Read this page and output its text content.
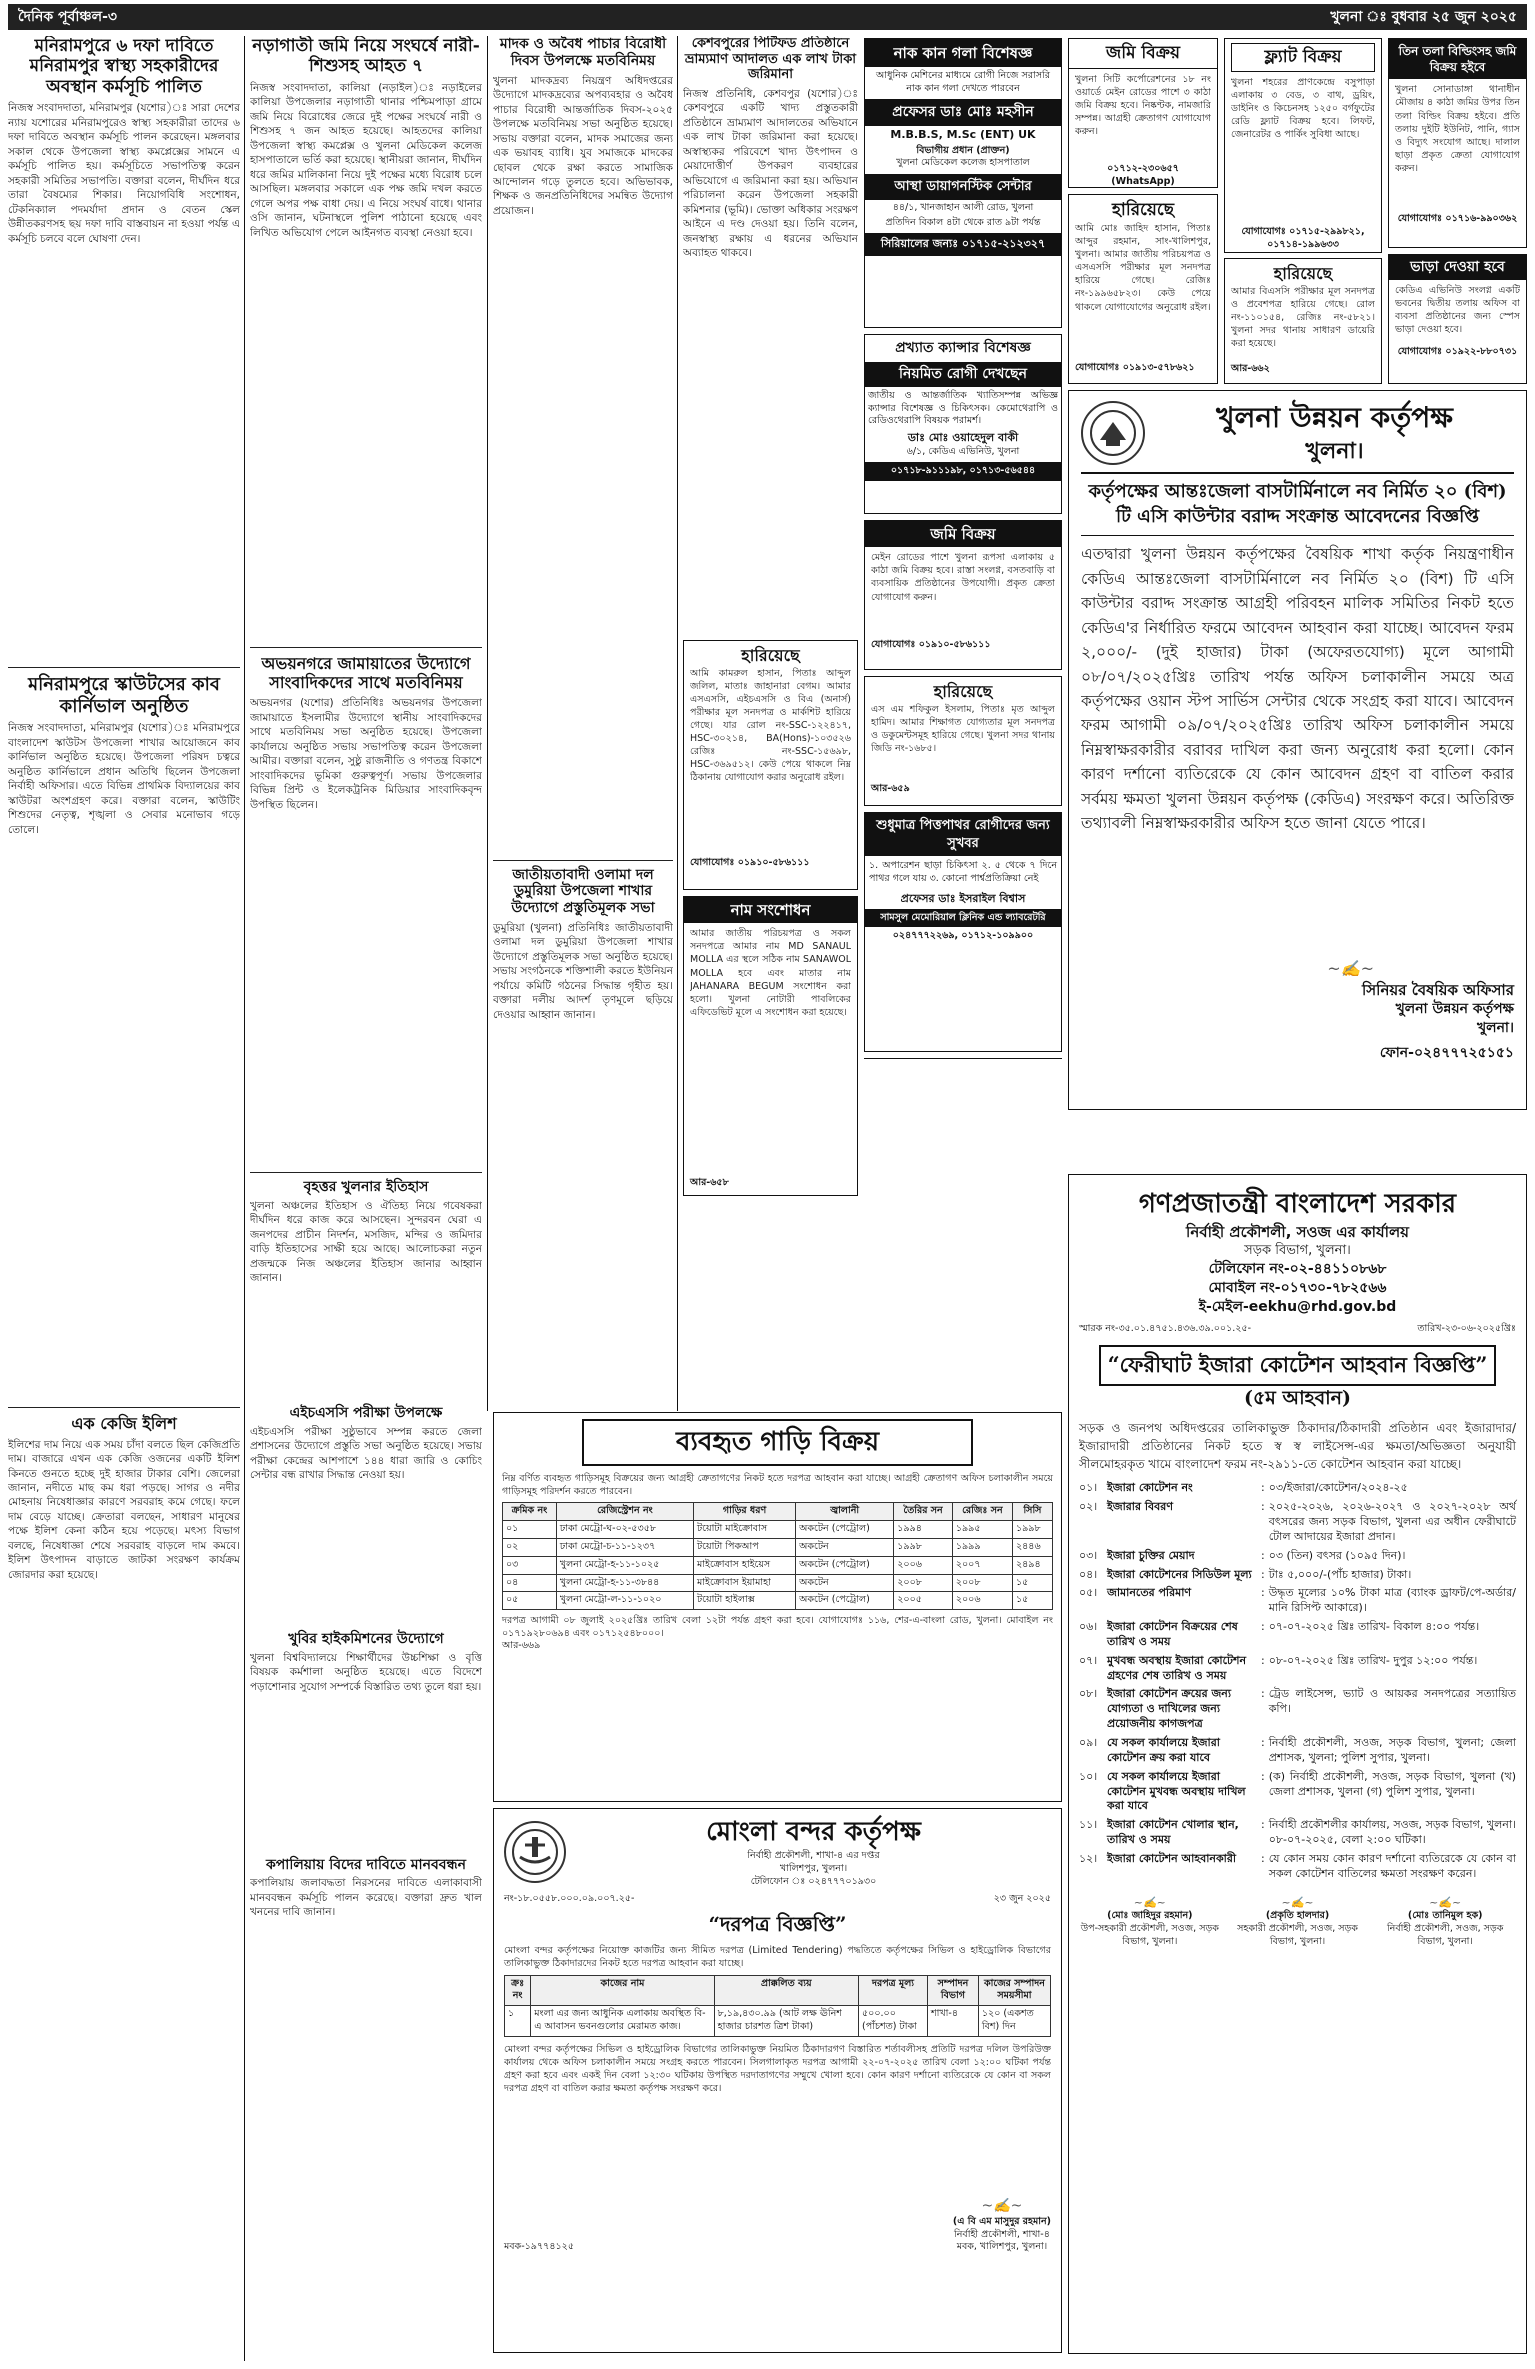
দৈনিক পূর্বাঞ্চল-৩	খুলনা ঃ বুধবার ২৫ জুন ২০২৫
মনিরামপুরে ৬ দফা দাবিতে মনিরামপুর স্বাস্থ্য সহকারীদের অবস্থান কর্মসূচি পালিত
নিজস্ব সংবাদদাতা, মনিরামপুর (যশোর)ঃ সারা দেশের ন্যায় যশোরের মনিরামপুরেও স্বাস্থ্য সহকারীরা তাদের ৬ দফা দাবিতে অবস্থান কর্মসূচি পালন করেছেন। মঙ্গলবার সকাল থেকে উপজেলা স্বাস্থ্য কমপ্লেক্সের সামনে এ কর্মসূচি পালিত হয়। কর্মসূচিতে সভাপতিত্ব করেন সহকারী সমিতির সভাপতি। বক্তারা বলেন, দীর্ঘদিন ধরে তারা বৈষম্যের শিকার। নিয়োগবিধি সংশোধন, টেকনিক্যাল পদমর্যাদা প্রদান ও বেতন স্কেল উন্নীতকরণসহ ছয় দফা দাবি বাস্তবায়ন না হওয়া পর্যন্ত এ কর্মসূচি চলবে বলে ঘোষণা দেন।
মনিরামপুরে স্কাউটসের কাব কার্নিভাল অনুষ্ঠিত
নিজস্ব সংবাদদাতা, মনিরামপুর (যশোর)ঃ মনিরামপুরে বাংলাদেশ স্কাউটস উপজেলা শাখার আয়োজনে কাব কার্নিভাল অনুষ্ঠিত হয়েছে। উপজেলা পরিষদ চত্বরে অনুষ্ঠিত কার্নিভালে প্রধান অতিথি ছিলেন উপজেলা নির্বাহী অফিসার। এতে বিভিন্ন প্রাথমিক বিদ্যালয়ের কাব স্কাউটরা অংশগ্রহণ করে। বক্তারা বলেন, স্কাউটিং শিশুদের নেতৃত্ব, শৃঙ্খলা ও সেবার মনোভাব গড়ে তোলে।
এক কেজি ইলিশ
ইলিশের দাম নিয়ে এক সময় চাঁদা বলতে ছিল কেজিপ্রতি দাম। বাজারে এখন এক কেজি ওজনের একটি ইলিশ কিনতে গুনতে হচ্ছে দুই হাজার টাকার বেশি। জেলেরা জানান, নদীতে মাছ কম ধরা পড়ছে। সাগর ও নদীর মোহনায় নিষেধাজ্ঞার কারণে সরবরাহ কমে গেছে। ফলে দাম বেড়ে যাচ্ছে। ক্রেতারা বলছেন, সাধারণ মানুষের পক্ষে ইলিশ কেনা কঠিন হয়ে পড়েছে। মৎস্য বিভাগ বলছে, নিষেধাজ্ঞা শেষে সরবরাহ বাড়লে দাম কমবে। ইলিশ উৎপাদন বাড়াতে জাটকা সংরক্ষণ কার্যক্রম জোরদার করা হয়েছে।
নড়াগাতী জমি নিয়ে সংঘর্ষে নারী-শিশুসহ আহত ৭
নিজস্ব সংবাদদাতা, কালিয়া (নড়াইল)ঃ নড়াইলের কালিয়া উপজেলার নড়াগাতী থানার পশ্চিমপাড়া গ্রামে জমি নিয়ে বিরোধের জেরে দুই পক্ষের সংঘর্ষে নারী ও শিশুসহ ৭ জন আহত হয়েছে। আহতদের কালিয়া উপজেলা স্বাস্থ্য কমপ্লেক্স ও খুলনা মেডিকেল কলেজ হাসপাতালে ভর্তি করা হয়েছে। স্থানীয়রা জানান, দীর্ঘদিন ধরে জমির মালিকানা নিয়ে দুই পক্ষের মধ্যে বিরোধ চলে আসছিল। মঙ্গলবার সকালে এক পক্ষ জমি দখল করতে গেলে অপর পক্ষ বাধা দেয়। এ নিয়ে সংঘর্ষ বাধে। থানার ওসি জানান, ঘটনাস্থলে পুলিশ পাঠানো হয়েছে এবং লিখিত অভিযোগ পেলে আইনগত ব্যবস্থা নেওয়া হবে।
অভয়নগরে জামায়াতের উদ্যোগে সাংবাদিকদের সাথে মতবিনিময়
অভয়নগর (যশোর) প্রতিনিধিঃ অভয়নগর উপজেলা জামায়াতে ইসলামীর উদ্যোগে স্থানীয় সাংবাদিকদের সাথে মতবিনিময় সভা অনুষ্ঠিত হয়েছে। উপজেলা কার্যালয়ে অনুষ্ঠিত সভায় সভাপতিত্ব করেন উপজেলা আমীর। বক্তারা বলেন, সুষ্ঠু রাজনীতি ও গণতন্ত্র বিকাশে সাংবাদিকদের ভূমিকা গুরুত্বপূর্ণ। সভায় উপজেলার বিভিন্ন প্রিন্ট ও ইলেকট্রনিক মিডিয়ার সাংবাদিকবৃন্দ উপস্থিত ছিলেন।
বৃহত্তর খুলনার ইতিহাস
খুলনা অঞ্চলের ইতিহাস ও ঐতিহ্য নিয়ে গবেষকরা দীর্ঘদিন ধরে কাজ করে আসছেন। সুন্দরবন ঘেরা এ জনপদের প্রাচীন নিদর্শন, মসজিদ, মন্দির ও জমিদার বাড়ি ইতিহাসের সাক্ষী হয়ে আছে। আলোচকরা নতুন প্রজন্মকে নিজ অঞ্চলের ইতিহাস জানার আহ্বান জানান।
এইচএসসি পরীক্ষা উপলক্ষে
এইচএসসি পরীক্ষা সুষ্ঠুভাবে সম্পন্ন করতে জেলা প্রশাসনের উদ্যোগে প্রস্তুতি সভা অনুষ্ঠিত হয়েছে। সভায় পরীক্ষা কেন্দ্রের আশপাশে ১৪৪ ধারা জারি ও কোচিং সেন্টার বন্ধ রাখার সিদ্ধান্ত নেওয়া হয়।
খুবির হাইকমিশনের উদ্যোগে
খুলনা বিশ্ববিদ্যালয়ে শিক্ষার্থীদের উচ্চশিক্ষা ও বৃত্তি বিষয়ক কর্মশালা অনুষ্ঠিত হয়েছে। এতে বিদেশে পড়াশোনার সুযোগ সম্পর্কে বিস্তারিত তথ্য তুলে ধরা হয়।
কপালিয়ায় বিদের দাবিতে মানববন্ধন
কপালিয়ায় জলাবদ্ধতা নিরসনের দাবিতে এলাকাবাসী মানববন্ধন কর্মসূচি পালন করেছে। বক্তারা দ্রুত খাল খননের দাবি জানান।
মাদক ও অবৈধ পাচার বিরোধী দিবস উপলক্ষে মতবিনিময়
খুলনা মাদকদ্রব্য নিয়ন্ত্রণ অধিদপ্তরের উদ্যোগে মাদকদ্রব্যের অপব্যবহার ও অবৈধ পাচার বিরোধী আন্তর্জাতিক দিবস-২০২৫ উপলক্ষে মতবিনিময় সভা অনুষ্ঠিত হয়েছে। সভায় বক্তারা বলেন, মাদক সমাজের জন্য এক ভয়াবহ ব্যাধি। যুব সমাজকে মাদকের ছোবল থেকে রক্ষা করতে সামাজিক আন্দোলন গড়ে তুলতে হবে। অভিভাবক, শিক্ষক ও জনপ্রতিনিধিদের সমন্বিত উদ্যোগ প্রয়োজন।
জাতীয়তাবাদী ওলামা দল ডুমুরিয়া উপজেলা শাখার উদ্যোগে প্রস্তুতিমূলক সভা
ডুমুরিয়া (খুলনা) প্রতিনিধিঃ জাতীয়তাবাদী ওলামা দল ডুমুরিয়া উপজেলা শাখার উদ্যোগে প্রস্তুতিমূলক সভা অনুষ্ঠিত হয়েছে। সভায় সংগঠনকে শক্তিশালী করতে ইউনিয়ন পর্যায়ে কমিটি গঠনের সিদ্ধান্ত গৃহীত হয়। বক্তারা দলীয় আদর্শ তৃণমূলে ছড়িয়ে দেওয়ার আহ্বান জানান।
কেশবপুরের পিটিফড প্রতিষ্ঠানে ভ্রাম্যমাণ আদালত এক লাখ টাকা জরিমানা
নিজস্ব প্রতিনিধি, কেশবপুর (যশোর)ঃ কেশবপুরে একটি খাদ্য প্রস্তুতকারী প্রতিষ্ঠানে ভ্রাম্যমাণ আদালতের অভিযানে এক লাখ টাকা জরিমানা করা হয়েছে। অস্বাস্থ্যকর পরিবেশে খাদ্য উৎপাদন ও মেয়াদোত্তীর্ণ উপকরণ ব্যবহারের অভিযোগে এ জরিমানা করা হয়। অভিযান পরিচালনা করেন উপজেলা সহকারী কমিশনার (ভূমি)। ভোক্তা অধিকার সংরক্ষণ আইনে এ দণ্ড দেওয়া হয়। তিনি বলেন, জনস্বাস্থ্য রক্ষায় এ ধরনের অভিযান অব্যাহত থাকবে।
নাক কান গলা বিশেষজ্ঞ
আধুনিক মেশিনের মাধ্যমে রোগী নিজে সরাসরি নাক কান গলা দেখতে পারবেন
প্রফেসর ডাঃ মোঃ মহসীন
M.B.B.S, M.Sc (ENT) UK
বিভাগীয় প্রধান (প্রাক্তন)
খুলনা মেডিকেল কলেজ হাসপাতাল
আস্থা ডায়াগনস্টিক সেন্টার
৪৪/১, খানজাহান আলী রোড, খুলনা
প্রতিদিন বিকাল ৪টা থেকে রাত ৯টা পর্যন্ত
সিরিয়ালের জন্যঃ ০১৭১৫-২১২৩২৭
প্রখ্যাত ক্যান্সার বিশেষজ্ঞ
নিয়মিত রোগী দেখছেন
জাতীয় ও আন্তর্জাতিক খ্যাতিসম্পন্ন অভিজ্ঞ ক্যান্সার বিশেষজ্ঞ ও চিকিৎসক। কেমোথেরাপি ও রেডিওথেরাপি বিষয়ক পরামর্শ।
ডাঃ মোঃ ওয়াহেদুল বাকী
৬/১, কেডিএ এভিনিউ, খুলনা
০১৭১৮-৯১১১৯৮, ০১৭১৩-৫৬৫৪৪
হারিয়েছে
আমি কামরুল হাসান, পিতাঃ আব্দুল জলিল, মাতাঃ জাহানারা বেগম। আমার এসএসসি, এইচএসসি ও বিএ (অনার্স) পরীক্ষার মূল সনদপত্র ও মার্কশিট হারিয়ে গেছে। যার রোল নং-SSC-১২২৪১৭, HSC-৩০২১৪, BA(Hons)-১০৩৫২৬ রেজিঃ নং-SSC-১৫৬৯৮, HSC-৩৬৯৫১২। কেউ পেয়ে থাকলে নিম্ন ঠিকানায় যোগাযোগ করার অনুরোধ রইল।
যোগাযোগঃ ০১৯১০-৫৮৬১১১
জমি বিক্রয়
মেইন রোডের পাশে খুলনা রূপসা এলাকায় ৫ কাঠা জমি বিক্রয় হবে। রাস্তা সংলগ্ন, বসতবাড়ি বা ব্যবসায়িক প্রতিষ্ঠানের উপযোগী। প্রকৃত ক্রেতা যোগাযোগ করুন।
যোগাযোগঃ ০১৯১০-৫৮৬১১১
হারিয়েছে
এস এম শফিকুল ইসলাম, পিতাঃ মৃত আব্দুল হামিদ। আমার শিক্ষাগত যোগ্যতার মূল সনদপত্র ও ডকুমেন্টসমূহ হারিয়ে গেছে। খুলনা সদর থানায় জিডি নং-১৬৮৫।
আর-৬৫৯
নাম সংশোধন
আমার জাতীয় পরিচয়পত্র ও সকল সনদপত্রে আমার নাম MD SANAUL MOLLA এর স্থলে সঠিক নাম SANAWOL MOLLA হবে এবং মাতার নাম JAHANARA BEGUM সংশোধন করা হলো। খুলনা নোটারী পাবলিকের এফিডেভিট মূলে এ সংশোধন করা হয়েছে।
আর-৬৫৮
শুধুমাত্র পিত্তপাথর রোগীদের জন্য সুখবর
১. অপারেশন ছাড়া চিকিৎসা ২. ৫ থেকে ৭ দিনে পাথর গলে যায় ৩. কোনো পার্শ্বপ্রতিক্রিয়া নেই
প্রফেসর ডাঃ ইসরাইল বিশ্বাস
সামসুল মেমোরিয়াল ক্লিনিক এন্ড ল্যাবরেটরি
০২৪৭৭৭২২৬৯, ০১৭১২-১০৯৯০০
জমি বিক্রয়
খুলনা সিটি কর্পোরেশনের ১৮ নং ওয়ার্ডে মেইন রোডের পাশে ৩ কাঠা জমি বিক্রয় হবে। নিষ্কণ্টক, নামজারি সম্পন্ন। আগ্রহী ক্রেতাগণ যোগাযোগ করুন।
০১৭১২-২৩০৬৫৭ (WhatsApp)
হারিয়েছে
আমি মোঃ জাহিদ হাসান, পিতাঃ আব্দুর রহমান, সাং-খালিশপুর, খুলনা। আমার জাতীয় পরিচয়পত্র ও এসএসসি পরীক্ষার মূল সনদপত্র হারিয়ে গেছে। রেজিঃ নং-১৯৯৬৫৮২৩। কেউ পেয়ে থাকলে যোগাযোগের অনুরোধ রইল।
যোগাযোগঃ ০১৯১৩-৫৭৮৬২১
ফ্ল্যাট বিক্রয়
খুলনা শহরের প্রাণকেন্দ্রে বসুপাড়া এলাকায় ৩ বেড, ৩ বাথ, ড্রয়িং, ডাইনিং ও কিচেনসহ ১২৫০ বর্গফুটের রেডি ফ্ল্যাট বিক্রয় হবে। লিফট, জেনারেটর ও পার্কিং সুবিধা আছে।
যোগাযোগঃ ০১৭১৫-২৯৯৮২১, ০১৭১৪-১৯৯৬৩৩
হারিয়েছে
আমার বিএসসি পরীক্ষার মূল সনদপত্র ও প্রবেশপত্র হারিয়ে গেছে। রোল নং-১১০১৫৪, রেজিঃ নং-৫৮২১। খুলনা সদর থানায় সাধারণ ডায়েরি করা হয়েছে।
আর-৬৬২
তিন তলা বিল্ডিংসহ জমি বিক্রয় হইবে
খুলনা সোনাডাঙ্গা থানাধীন মৌজায় ৪ কাঠা জমির উপর তিন তলা বিল্ডিং বিক্রয় হইবে। প্রতি তলায় দুইটি ইউনিট, পানি, গ্যাস ও বিদ্যুৎ সংযোগ আছে। দালাল ছাড়া প্রকৃত ক্রেতা যোগাযোগ করুন।
যোগাযোগঃ ০১৭১৬-৯৯০৩৬২
ভাড়া দেওয়া হবে
কেডিএ এভিনিউ সংলগ্ন একটি ভবনের দ্বিতীয় তলায় অফিস বা ব্যবসা প্রতিষ্ঠানের জন্য স্পেস ভাড়া দেওয়া হবে।
যোগাযোগঃ ০১৯২২-৮৮০৭৩১
খুলনা উন্নয়ন কর্তৃপক্ষ
খুলনা।
কর্তৃপক্ষের আন্তঃজেলা বাসটার্মিনালে নব নির্মিত ২০ (বিশ) টি এসি কাউন্টার বরাদ্দ সংক্রান্ত আবেদনের বিজ্ঞপ্তি
এতদ্বারা খুলনা উন্নয়ন কর্তৃপক্ষের বৈষয়িক শাখা কর্তৃক নিয়ন্ত্রণাধীন কেডিএ আন্তঃজেলা বাসটার্মিনালে নব নির্মিত ২০ (বিশ) টি এসি কাউন্টার বরাদ্দ সংক্রান্ত আগ্রহী পরিবহন মালিক সমিতির নিকট হতে কেডিএ'র নির্ধারিত ফরমে আবেদন আহবান করা যাচ্ছে। আবেদন ফরম ২,০০০/- (দুই হাজার) টাকা (অফেরতযোগ্য) মূলে আগামী ০৮/০৭/২০২৫খ্রিঃ তারিখ পর্যন্ত অফিস চলাকালীন সময়ে অত্র কর্তৃপক্ষের ওয়ান স্টপ সার্ভিস সেন্টার থেকে সংগ্রহ করা যাবে। আবেদন ফরম আগামী ০৯/০৭/২০২৫খ্রিঃ তারিখ অফিস চলাকালীন সময়ে নিম্নস্বাক্ষরকারীর বরাবর দাখিল করা জন্য অনুরোধ করা হলো। কোন কারণ দর্শানো ব্যতিরেকে যে কোন আবেদন গ্রহণ বা বাতিল করার সর্বময় ক্ষমতা খুলনা উন্নয়ন কর্তৃপক্ষ (কেডিএ) সংরক্ষণ করে। অতিরিক্ত তথ্যাবলী নিম্নস্বাক্ষরকারীর অফিস হতে জানা যেতে পারে।
~✍~
সিনিয়র বৈষয়িক অফিসার
খুলনা উন্নয়ন কর্তৃপক্ষ
খুলনা।
ফোন-০২৪৭৭৭২৫১৫১
ব্যবহৃত গাড়ি বিক্রয়
নিম্ন বর্ণিত ব্যবহৃত গাড়িসমূহ বিক্রয়ের জন্য আগ্রহী ক্রেতাগণের নিকট হতে দরপত্র আহবান করা যাচ্ছে। আগ্রহী ক্রেতাগণ অফিস চলাকালীন সময়ে গাড়িসমূহ পরিদর্শন করতে পারবেন।
ক্রমিক নং	রেজিস্ট্রেশন নং	গাড়ির ধরণ	জ্বালানী	তৈরির সন	রেজিঃ সন	সিসি
০১	ঢাকা মেট্রো-ঘ-০২-৫৩৫৮	টয়োটা মাইক্রোবাস	অকটেন (পেট্রোল)	১৯৯৪	১৯৯৫	১৯৯৮
০২	ঢাকা মেট্রো-চ-১১-১২৩৭	টয়োটা পিকআপ	অকটেন	১৯৯৮	১৯৯৯	২৪৪৬
০৩	খুলনা মেট্রো-হ-১১-১০২৫	মাইক্রোবাস হাইয়েস	অকটেন (পেট্রোল)	২০০৬	২০০৭	২৪৯৪
০৪	খুলনা মেট্রো-হ-১১-৩৮৪৪	মাইক্রোবাস ইয়ামাহা	অকটেন	২০০৮	২০০৮	১৫
০৫	খুলনা মেট্রো-ল-১১-১০২০	টয়োটা হাইলাক্স	অকটেন (পেট্রোল)	২০০৫	২০০৬	১৫
দরপত্র আগামী ০৮ জুলাই ২০২৫খ্রিঃ তারিখ বেলা ১২টা পর্যন্ত গ্রহণ করা হবে। যোগাযোগঃ ১১৬, শের-এ-বাংলা রোড, খুলনা। মোবাইল নং ০১৭১৯২৮০৬৯৪ এবং ০১৭১২৫৪৮০০০।
আর-৬৬৯
মোংলা বন্দর কর্তৃপক্ষ
নির্বাহী প্রকৌশলী, শাখা-৪ এর দপ্তর
খালিশপুর, খুলনা।
টেলিফোন ঃ ০২৪৭৭৭০১৯৩০
নং-১৮.০৫৫৮.০০০.০৯.০০৭.২৫-	২৩ জুন ২০২৫
“দরপত্র বিজ্ঞপ্তি”
মোংলা বন্দর কর্তৃপক্ষের নিয়োক্ত কাজটির জন্য সীমিত দরপত্র (Limited Tendering) পদ্ধতিতে কর্তৃপক্ষের সিভিল ও হাইড্রোলিক বিভাগের তালিকাভুক্ত ঠিকাদারদের নিকট হতে দরপত্র আহবান করা যাচ্ছে।
ক্রঃ নং	কাজের নাম	প্রাক্কলিত ব্যয়	দরপত্র মূল্য	সম্পাদন বিভাগ	কাজের সম্পাদন সময়সীমা
১	মংলা এর জন্য আধুনিক এলাকায় অবস্থিত বি-এ আবাসন ভবনগুলোর মেরামত কাজ।	৮,১৯,৪৩০.৯৯ (আট লক্ষ ঊনিশ হাজার চারশত ত্রিশ টাকা)	৫০০.০০ (পাঁচশত) টাকা	শাখা-৪	১২০ (একশত বিশ) দিন
মোংলা বন্দর কর্তৃপক্ষের সিভিল ও হাইড্রোলিক বিভাগের তালিকাভুক্ত নিয়মিত ঠিকাদারগণ বিস্তারিত শর্তাবলীসহ প্রতিটি দরপত্র দলিল উপরিউক্ত কার্যালয় থেকে অফিস চলাকালীন সময়ে সংগ্রহ করতে পারবেন। সিলগালাকৃত দরপত্র আগামী ২২-০৭-২০২৫ তারিখ বেলা ১২:০০ ঘটিকা পর্যন্ত গ্রহণ করা হবে এবং একই দিন বেলা ১২:৩০ ঘটিকায় উপস্থিত দরদাতাগণের সম্মুখে খোলা হবে। কোন কারণ দর্শানো ব্যতিরেকে যে কোন বা সকল দরপত্র গ্রহণ বা বাতিল করার ক্ষমতা কর্তৃপক্ষ সংরক্ষণ করে।
মবক-১৯৭৭৪১২৫
~✍~
(এ বি এম মাসুদুর রহমান)
নির্বাহী প্রকৌশলী, শাখা-৪
মবক, খালিশপুর, খুলনা।
গণপ্রজাতন্ত্রী বাংলাদেশ সরকার
নির্বাহী প্রকৌশলী, সওজ এর কার্যালয়
সড়ক বিভাগ, খুলনা।
টেলিফোন নং-০২-৪৪১১০৮৬৮
মোবাইল নং-০১৭৩০-৭৮২৫৬৬
ই-মেইল-eekhu@rhd.gov.bd
স্মারক নং-৩৫.০১.৪৭৫১.৪৩৬.৩৯.০০১.২৫-	তারিখ-২৩-০৬-২০২৫খ্রিঃ
“ফেরীঘাট ইজারা কোটেশন আহবান বিজ্ঞপ্তি”
(৫ম আহবান)
সড়ক ও জনপথ অধিদপ্তরের তালিকাভুক্ত ঠিকাদার/ঠিকাদারী প্রতিষ্ঠান এবং ইজারাদার/ইজারাদারী প্রতিষ্ঠানের নিকট হতে স্ব স্ব লাইসেন্স-এর ক্ষমতা/অভিজ্ঞতা অনুযায়ী সীলমোহরকৃত খামে বাংলাদেশ ফরম নং-২৯১১-তে কোটেশন আহবান করা যাচ্ছে।
০১। ইজারা কোটেশন নং	: ০৩/ইজারা/কোটেশন/২০২৪-২৫
০২। ইজারার বিবরণ	: ২০২৫-২০২৬, ২০২৬-২০২৭ ও ২০২৭-২০২৮ অর্থ বৎসরের জন্য সড়ক বিভাগ, খুলনা এর অধীন ফেরীঘাটে টোল আদায়ের ইজারা প্রদান।
০৩। ইজারা চুক্তির মেয়াদ	: ০৩ (তিন) বৎসর (১০৯৫ দিন)।
০৪। ইজারা কোটেশনের সিডিউল মূল্য : টাঃ ৫,০০০/-(পাঁচ হাজার) টাকা।
০৫। জামানতের পরিমাণ	: উদ্ধৃত মূল্যের ১০% টাকা মাত্র (ব্যাংক ড্রাফট/পে-অর্ডার/মানি রিসিপ্ট আকারে)।
০৬। ইজারা কোটেশন বিক্রয়ের শেষ তারিখ ও সময়
: ০৭-০৭-২০২৫ খ্রিঃ তারিখ- বিকাল ৪:০০ পর্যন্ত।
০৭। মুখবন্ধ অবস্থায় ইজারা কোটেশন গ্রহণের শেষ তারিখ ও সময়
: ০৮-০৭-২০২৫ খ্রিঃ তারিখ- দুপুর ১২:০০ পর্যন্ত।
০৮। ইজারা কোটেশন ক্রয়ের জন্য যোগ্যতা ও দাখিলের জন্য প্রয়োজনীয় কাগজপত্র
: ট্রেড লাইসেন্স, ভ্যাট ও আয়কর সনদপত্রের সত্যায়িত কপি।
০৯। যে সকল কার্যালয়ে ইজারা কোটেশন ক্রয় করা যাবে
: নির্বাহী প্রকৌশলী, সওজ, সড়ক বিভাগ, খুলনা; জেলা প্রশাসক, খুলনা; পুলিশ সুপার, খুলনা।
১০। যে সকল কার্যালয়ে ইজারা কোটেশন মুখবন্ধ অবস্থায় দাখিল করা যাবে
: (ক) নির্বাহী প্রকৌশলী, সওজ, সড়ক বিভাগ, খুলনা (খ) জেলা প্রশাসক, খুলনা (গ) পুলিশ সুপার, খুলনা।
১১। ইজারা কোটেশন খোলার স্থান, তারিখ ও সময়
: নির্বাহী প্রকৌশলীর কার্যালয়, সওজ, সড়ক বিভাগ, খুলনা। ০৮-০৭-২০২৫, বেলা ২:০০ ঘটিকা।
১২। ইজারা কোটেশন আহবানকারী	: যে কোন সময় কোন কারণ দর্শানো ব্যতিরেকে যে কোন বা সকল কোটেশন বাতিলের ক্ষমতা সংরক্ষণ করেন।
~✍~
(মোঃ জাহিদুর রহমান)
উপ-সহকারী প্রকৌশলী, সওজ, সড়ক বিভাগ, খুলনা।
~✍~
(প্রকৃতি হালদার)
সহকারী প্রকৌশলী, সওজ, সড়ক বিভাগ, খুলনা।
~✍~
(মোঃ তানিমুল হক)
নির্বাহী প্রকৌশলী, সওজ, সড়ক বিভাগ, খুলনা।
